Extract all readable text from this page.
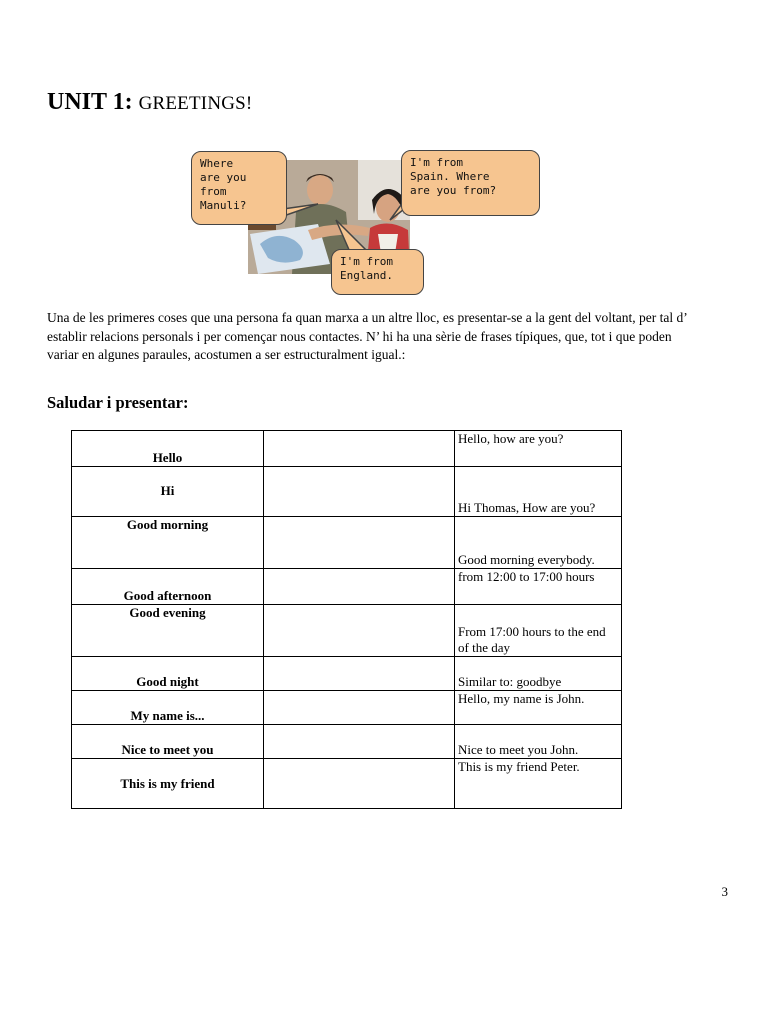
UNIT 1: GREETINGS!
Where
are you
from
Manuli?
I'm from
Spain. Where
are you from?
I'm from
England.

Una de les primeres coses que una persona fa quan marxa a un altre lloc, es presentar-se a la gent del voltant, per tal d’ establir relacions personals i per començar nous contactes. N’ hi ha una sèrie de frases típiques, que, tot i que poden variar en algunes paraules, acostumen a ser estructuralment igual.:

Saludar i presentar:
Hello		Hello, how are you?
Hi		Hi Thomas, How are you?
Good morning		Good morning everybody.
Good afternoon		from 12:00 to 17:00 hours
Good evening		From 17:00 hours to the end of the day
Good night		Similar to: goodbye
My name is...		Hello, my name is John.
Nice to meet you		Nice to meet you John.
This is my friend		This is my friend Peter.

3
